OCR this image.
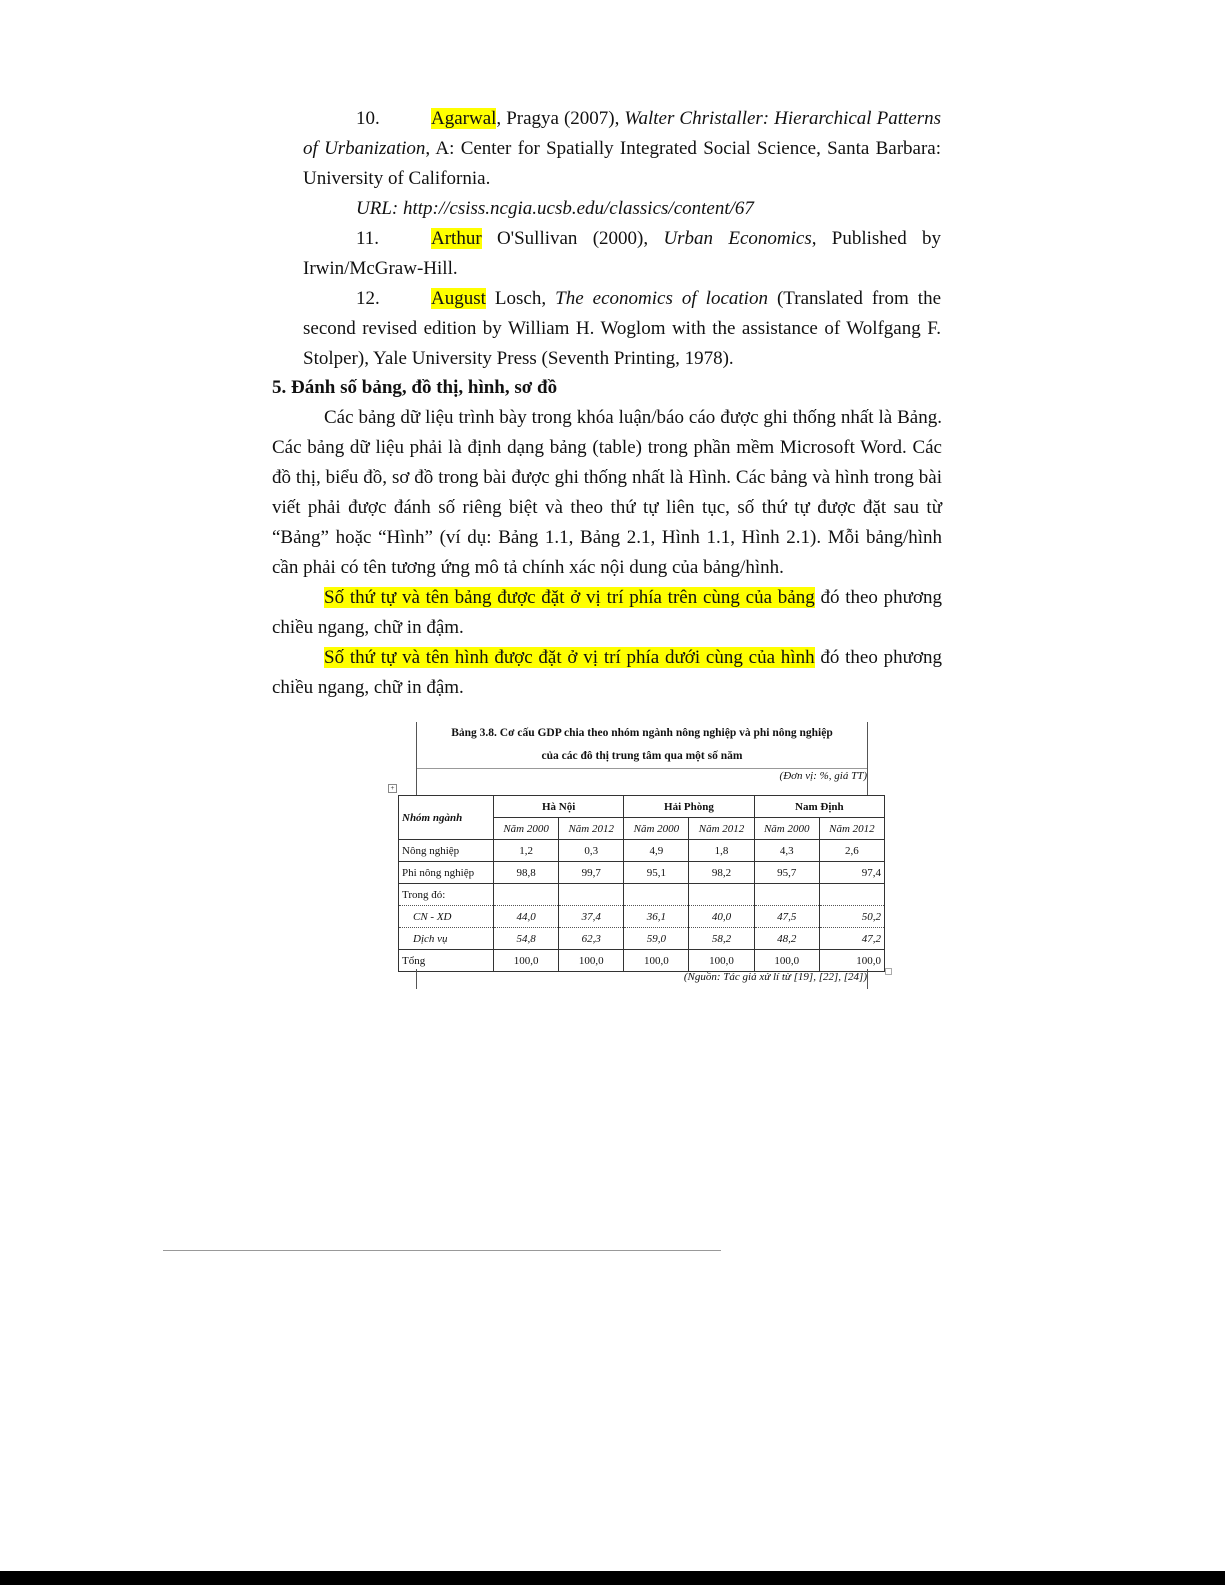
10.	Agarwal, Pragya (2007), Walter Christaller: Hierarchical Patterns of Urbanization, A: Center for Spatially Integrated Social Science, Santa Barbara: University of California.
URL: http://csiss.ncgia.ucsb.edu/classics/content/67
11.	Arthur O'Sullivan (2000), Urban Economics, Published by Irwin/McGraw-Hill.
12.	August Losch, The economics of location (Translated from the second revised edition by William H. Woglom with the assistance of Wolfgang F. Stolper), Yale University Press (Seventh Printing, 1978).
5. Đánh số bảng, đồ thị, hình, sơ đồ
Các bảng dữ liệu trình bày trong khóa luận/báo cáo được ghi thống nhất là Bảng. Các bảng dữ liệu phải là định dạng bảng (table) trong phần mềm Microsoft Word. Các đồ thị, biểu đồ, sơ đồ trong bài được ghi thống nhất là Hình. Các bảng và hình trong bài viết phải được đánh số riêng biệt và theo thứ tự liên tục, số thứ tự được đặt sau từ “Bảng” hoặc “Hình” (ví dụ: Bảng 1.1, Bảng 2.1, Hình 1.1, Hình 2.1). Mỗi bảng/hình cần phải có tên tương ứng mô tả chính xác nội dung của bảng/hình.
Số thứ tự và tên bảng được đặt ở vị trí phía trên cùng của bảng đó theo phương chiều ngang, chữ in đậm.
Số thứ tự và tên hình được đặt ở vị trí phía dưới cùng của hình đó theo phương chiều ngang, chữ in đậm.
Bảng 3.8. Cơ cấu GDP chia theo nhóm ngành nông nghiệp và phi nông nghiệp
của các đô thị trung tâm qua một số năm
(Đơn vị: %, giá TT)
+
Nhóm ngành	Hà Nội		Hải Phòng		Nam Định	
	Năm 2000	Năm 2012	Năm 2000	Năm 2012	Năm 2000	Năm 2012
Nông nghiệp	1,2	0,3	4,9	1,8	4,3	2,6
Phi nông nghiệp	98,8	99,7	95,1	98,2	95,7	97,4
Trong đó:						
CN - XD	44,0	37,4	36,1	40,0	47,5	50,2
Dịch vụ	54,8	62,3	59,0	58,2	48,2	47,2
Tổng	100,0	100,0	100,0	100,0	100,0	100,0
(Nguồn: Tác giả xử lí từ [19], [22], [24])
